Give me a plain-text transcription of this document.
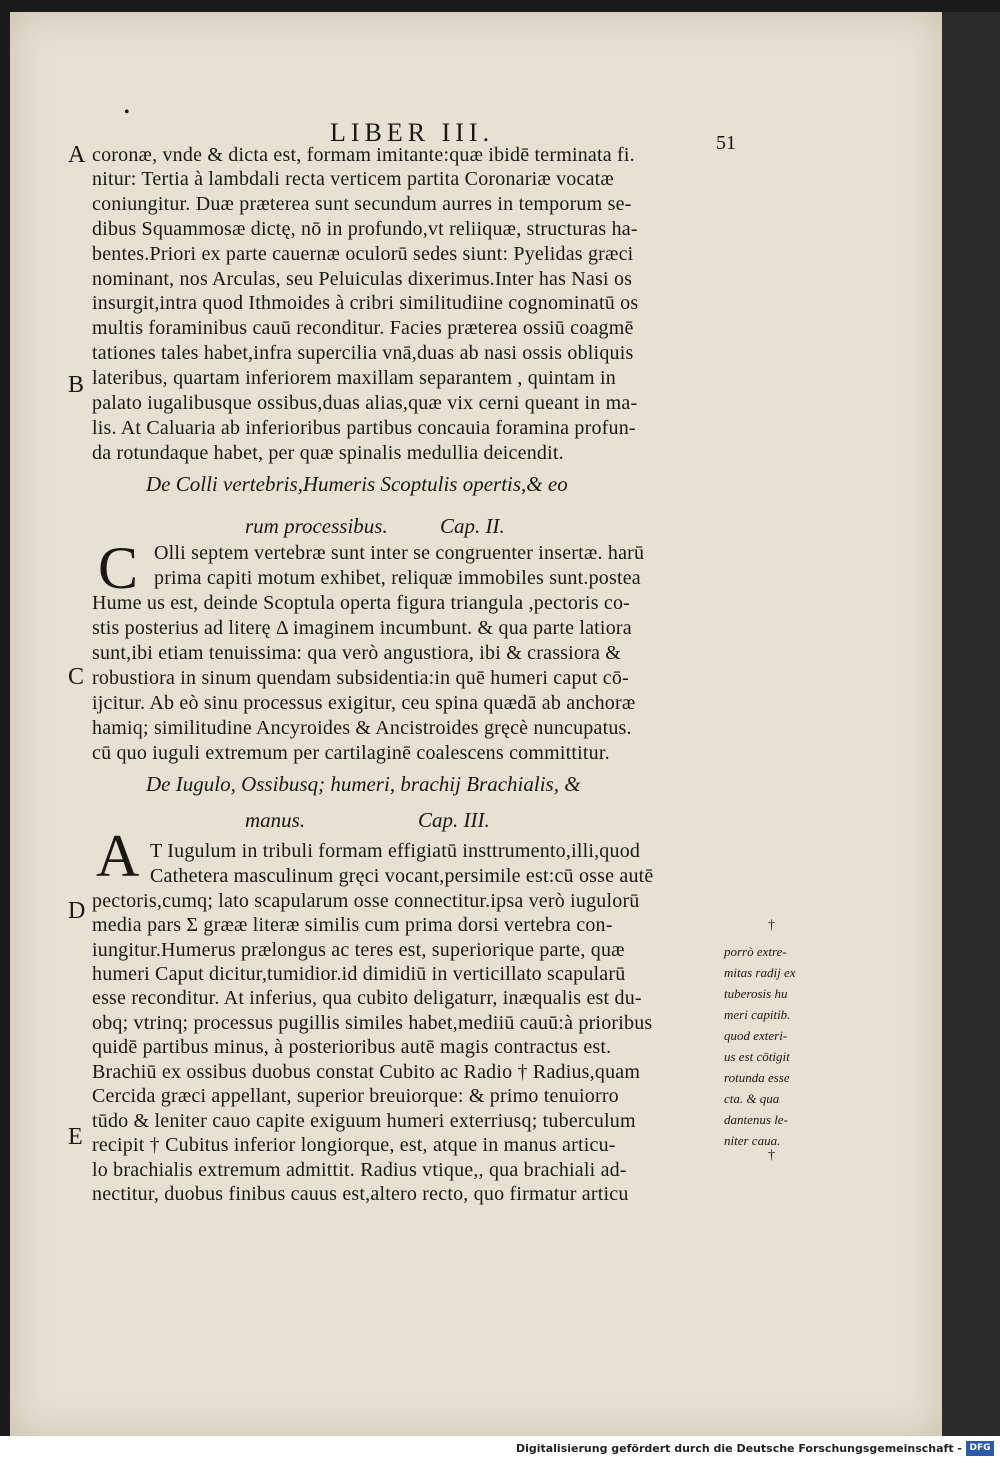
•
LIBER III.	51
A
B
C
D
E
coronæ, vnde & dicta est, formam imitante:quæ ibidē terminata fi.
nitur: Tertia à lambdali recta verticem partita Coronariæ vocatæ
coniungitur. Duæ præterea sunt secundum aurres in temporum se-
dibus Squammosæ dictę, nō in profundo,vt reliiquæ, structuras ha-
bentes.Priori ex parte cauernæ oculorū sedes siunt: Pyelidas græci
nominant, nos Arculas, seu Peluiculas dixerimus.Inter has Nasi os
insurgit,intra quod Ithmoides à cribri similitudiine cognominatū os
multis foraminibus cauū reconditur. Facies præterea ossiū coagmē
tationes tales habet,infra supercilia vnā,duas ab nasi ossis obliquis
lateribus, quartam inferiorem maxillam separantem , quintam in
palato iugalibusque ossibus,duas alias,quæ vix cerni queant in ma-
lis. At Caluaria ab inferioribus partibus concauia foramina profun-
da rotundaque habet, per quæ spinalis medullia deicendit.
De Colli vertebris,Humeris Scoptulis opertis,& eo
rum processibus. Cap. II.
C Olli septem vertebræ sunt inter se congruenter insertæ. harū
prima capiti motum exhibet, reliquæ immobiles sunt.postea
Hume us est, deinde Scoptula operta figura triangula ,pectoris co-
stis posterius ad literę Δ imaginem incumbunt. & qua parte latiora
sunt,ibi etiam tenuissima: qua verò angustiora, ibi & crassiora &
robustiora in sinum quendam subsidentia:in quē humeri caput cō-
ijcitur. Ab eò sinu processus exigitur, ceu spina quædā ab anchoræ
hamiq; similitudine Ancyroides & Ancistroides gręcè nuncupatus.
cū quo iuguli extremum per cartilaginē coalescens committitur.
De Iugulo, Ossibusq; humeri, brachij Brachialis, &
manus.	Cap. III.
A T Iugulum in tribuli formam effigiatū insttrumento,illi,quod
Cathetera masculinum gręci vocant,persimile est:cū osse autē
pectoris,cumq; lato scapularum osse connectitur.ipsa verò iugulorū
media pars Σ grææ literæ similis cum prima dorsi vertebra con-
iungitur.Humerus prælongus ac teres est, superiorique parte, quæ
humeri Caput dicitur,tumidior.id dimidiū in verticillato scapularū
esse reconditur. At inferius, qua cubito deligaturr, inæqualis est du-
obq; vtrinq; processus pugillis similes habet,mediiū cauū:à prioribus
quidē partibus minus, à posterioribus autē magis contractus est.
Brachiū ex ossibus duobus constat Cubito ac Radio † Radius,quam
Cercida græci appellant, superior breuiorque: & primo tenuiorro
tūdo & leniter cauo capite exiguum humeri exterriusq; tuberculum
recipit † Cubitus inferior longiorque, est, atque in manus articu-
lo brachialis extremum admittit. Radius vtique,, qua brachiali ad-
nectitur, duobus finibus cauus est,altero recto, quo firmatur articu
†
porrò extre-
mitas radij ex
tuberosis hu
meri capitib.
quod exteri-
us est cōtigit
rotunda esse
cta. & qua
dantenus le-
niter caua.
†
Digitalisierung gefördert durch die Deutsche Forschungsgemeinschaft - DFG
